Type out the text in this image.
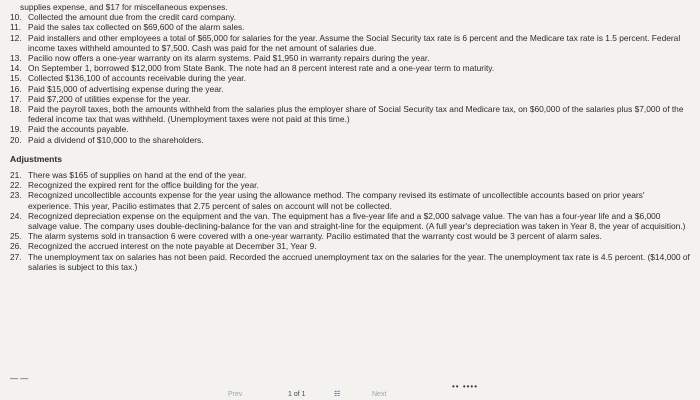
supplies expense, and $17 for miscellaneous expenses.
10. Collected the amount due from the credit card company.
11. Paid the sales tax collected on $69,600 of the alarm sales.
12. Paid installers and other employees a total of $65,000 for salaries for the year. Assume the Social Security tax rate is 6 percent and the Medicare tax rate is 1.5 percent. Federal income taxes withheld amounted to $7,500. Cash was paid for the net amount of salaries due.
13. Pacilio now offers a one-year warranty on its alarm systems. Paid $1,950 in warranty repairs during the year.
14. On September 1, borrowed $12,000 from State Bank. The note had an 8 percent interest rate and a one-year term to maturity.
15. Collected $136,100 of accounts receivable during the year.
16. Paid $15,000 of advertising expense during the year.
17. Paid $7,200 of utilities expense for the year.
18. Paid the payroll taxes, both the amounts withheld from the salaries plus the employer share of Social Security tax and Medicare tax, on $60,000 of the salaries plus $7,000 of the federal income tax that was withheld. (Unemployment taxes were not paid at this time.)
19. Paid the accounts payable.
20. Paid a dividend of $10,000 to the shareholders.
Adjustments
21. There was $165 of supplies on hand at the end of the year.
22. Recognized the expired rent for the office building for the year.
23. Recognized uncollectible accounts expense for the year using the allowance method. The company revised its estimate of uncollectible accounts based on prior years' experience. This year, Pacilio estimates that 2.75 percent of sales on account will not be collected.
24. Recognized depreciation expense on the equipment and the van. The equipment has a five-year life and a $2,000 salvage value. The van has a four-year life and a $6,000 salvage value. The company uses double-declining-balance for the van and straight-line for the equipment. (A full year's depreciation was taken in Year 8, the year of acquisition.)
25. The alarm systems sold in transaction 6 were covered with a one-year warranty. Pacilio estimated that the warranty cost would be 3 percent of alarm sales.
26. Recognized the accrued interest on the note payable at December 31, Year 9.
27. The unemployment tax on salaries has not been paid. Recorded the accrued unemployment tax on the salaries for the year. The unemployment tax rate is 4.5 percent. ($14,000 of salaries is subject to this tax.)
— —
Prev	1 of 1	☷	Next
•• ••••
